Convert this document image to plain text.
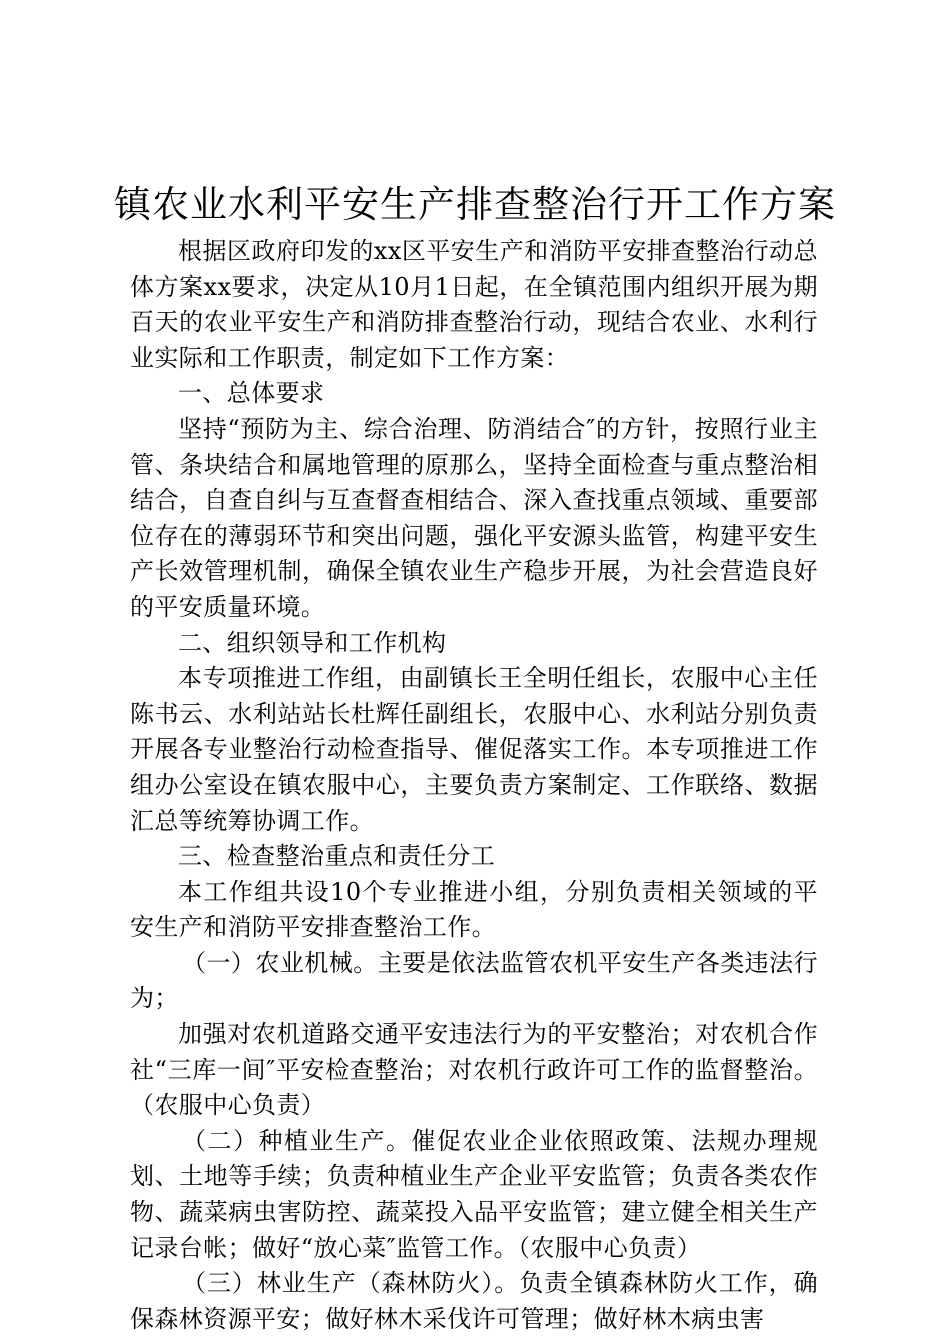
镇农业水利平安生产排查整治行开工作方案

根据区政府印发的xx区平安生产和消防平安排查整治行动总体方案xx要求，决定从10月1日起，在全镇范围内组织开展为期百天的农业平安生产和消防排查整治行动，现结合农业、水利行业实际和工作职责，制定如下工作方案：

一、总体要求

坚持“预防为主、综合治理、防消结合″的方针，按照行业主管、条块结合和属地管理的原那么，坚持全面检查与重点整治相结合，自查自纠与互查督查相结合、深入查找重点领域、重要部位存在的薄弱环节和突出问题，强化平安源头监管，构建平安生产长效管理机制，确保全镇农业生产稳步开展，为社会营造良好的平安质量环境。

二、组织领导和工作机构

本专项推进工作组，由副镇长王全明任组长，农服中心主任陈书云、水利站站长杜辉任副组长，农服中心、水利站分别负责开展各专业整治行动检查指导、催促落实工作。本专项推进工作组办公室设在镇农服中心，主要负责方案制定、工作联络、数据汇总等统筹协调工作。

三、检查整治重点和责任分工

本工作组共设10个专业推进小组，分别负责相关领域的平安生产和消防平安排查整治工作。

（一）农业机械。主要是依法监管农机平安生产各类违法行为；

加强对农机道路交通平安违法行为的平安整治；对农机合作社“三库一间″平安检查整治；对农机行政许可工作的监督整治。（农服中心负责）

（二）种植业生产。催促农业企业依照政策、法规办理规划、土地等手续；负责种植业生产企业平安监管；负责各类农作物、蔬菜病虫害防控、蔬菜投入品平安监管；建立健全相关生产记录台帐；做好“放心菜″监管工作。（农服中心负责）

（三）林业生产（森林防火）。负责全镇森林防火工作，确保森林资源平安；做好林木采伐许可管理；做好林木病虫害
